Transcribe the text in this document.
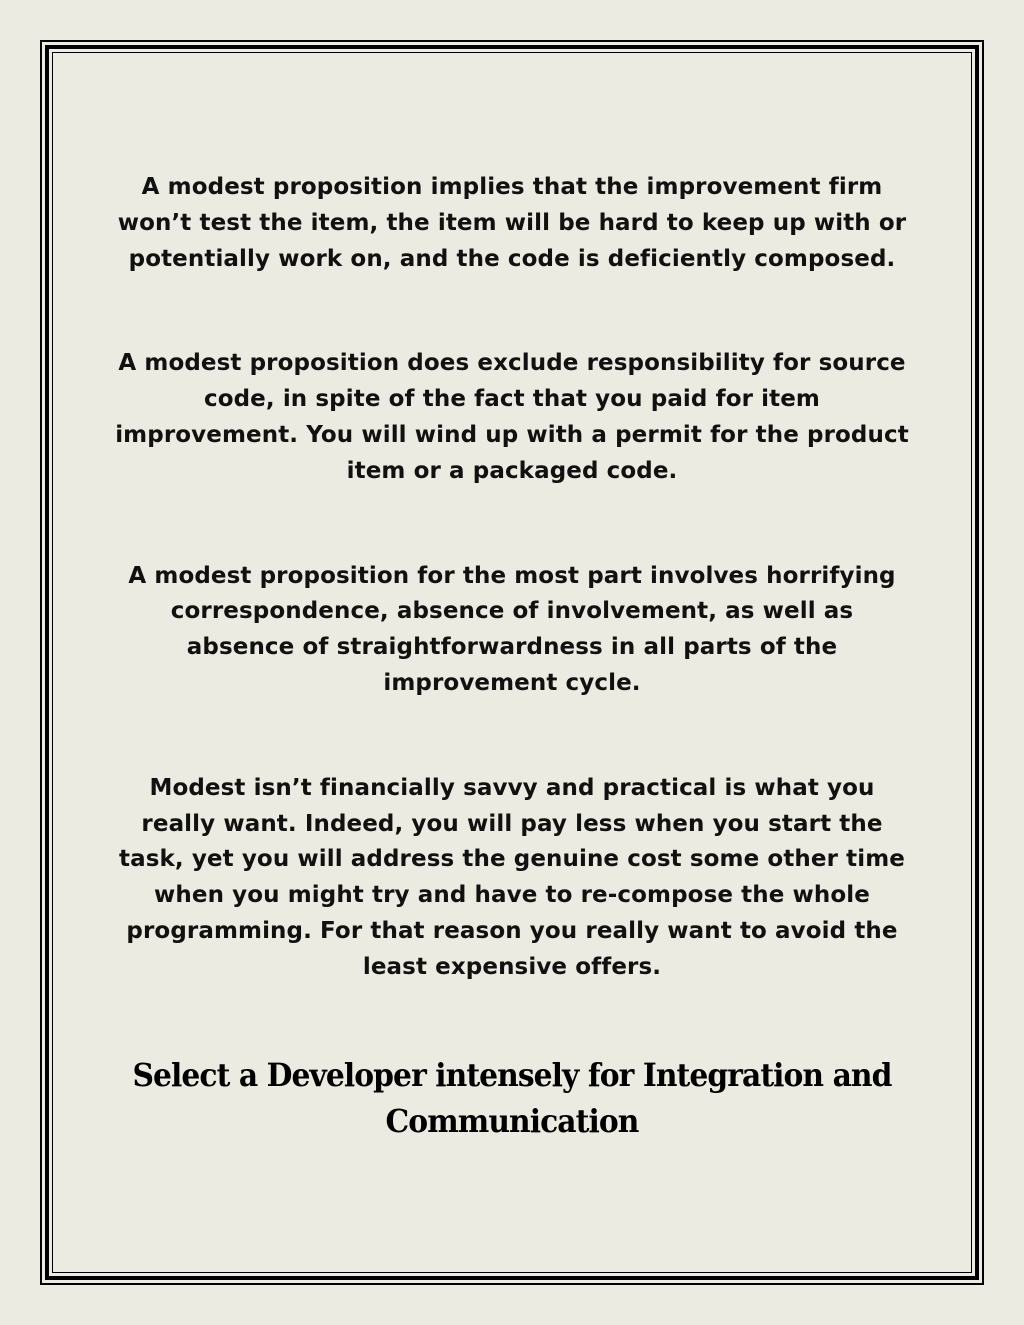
A modest proposition implies that the improvement firm won’t test the item, the item will be hard to keep up with or potentially work on, and the code is deficiently composed.

A modest proposition does exclude responsibility for source code, in spite of the fact that you paid for item improvement. You will wind up with a permit for the product item or a packaged code.

A modest proposition for the most part involves horrifying correspondence, absence of involvement, as well as absence of straightforwardness in all parts of the improvement cycle.

Modest isn’t financially savvy and practical is what you really want. Indeed, you will pay less when you start the task, yet you will address the genuine cost some other time when you might try and have to re-compose the whole programming. For that reason you really want to avoid the least expensive offers.

Select a Developer intensely for Integration and Communication
